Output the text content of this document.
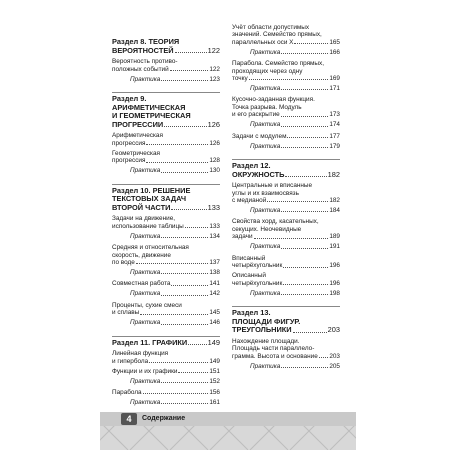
Раздел 8. ТЕОРИЯ
ВЕРОЯТНОСТЕЙ	122
Вероятность противо-
положных событий	122
Практика	123
Раздел 9.
АРИФМЕТИЧЕСКАЯ
И ГЕОМЕТРИЧЕСКАЯ
ПРОГРЕССИИ	126
Арифметическая
прогрессия	126
Геометрическая
прогрессия	128
Практика	130
Раздел 10. РЕШЕНИЕ
ТЕКСТОВЫХ ЗАДАЧ
ВТОРОЙ ЧАСТИ	133
Задачи на движение,
использование таблицы	133
Практика	134
Средняя и относительная
скорость, движение
по воде	137
Практика	138
Совместная работа	141
Практика	142
Проценты, сухие смеси
и сплавы	145
Практика	146
Раздел 11. ГРАФИКИ	149
Линейная функция
и гипербола	149
Функции и их графики	151
Практика	152
Парабола	156
Практика	161
Учёт области допустимых
значений. Семейство прямых,
параллельных оси X	165
Практика	166
Парабола. Семейство прямых,
проходящих через одну
точку	169
Практика	171
Кусочно-заданная функция.
Точка разрыва. Модуль
и его раскрытие	173
Практика	174
Задачи с модулем	177
Практика	179
Раздел 12.
ОКРУЖНОСТЬ	182
Центральные и вписанные
углы и их взаимосвязь
с медианой	182
Практика	184
Свойства хорд, касательных,
секущих. Неочевидные
задачи	189
Практика	191
Вписанный
четырёхугольник	196
Описанный
четырёхугольник	196
Практика	198
Раздел 13.
ПЛОЩАДИ ФИГУР.
ТРЕУГОЛЬНИКИ	203
Нахождение площади.
Площадь части параллело-
грамма. Высота и основание 203
Практика	205
4	Содержание
